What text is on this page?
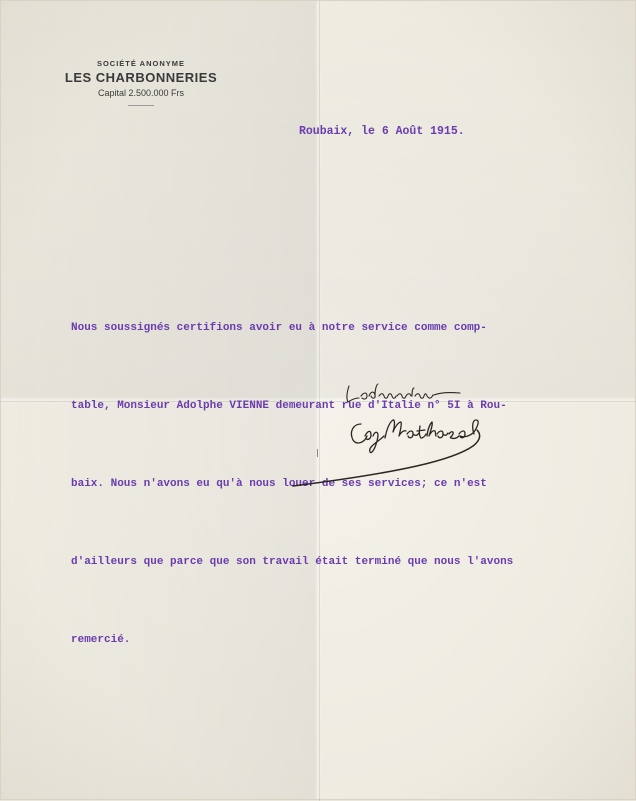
SOCIÉTÉ ANONYME
LES CHARBONNERIES
Capital 2.500.000 Frs
Roubaix, le 6 Août 1915.

Nous soussignés certifions avoir eu à notre service comme comp-

table, Monsieur Adolphe VIENNE demeurant rue d'Italie n° 5I à Rou-

baix. Nous n'avons eu qu'à nous louer de ses services; ce n'est

d'ailleurs que parce que son travail était terminé que nous l'avons

remercié.
